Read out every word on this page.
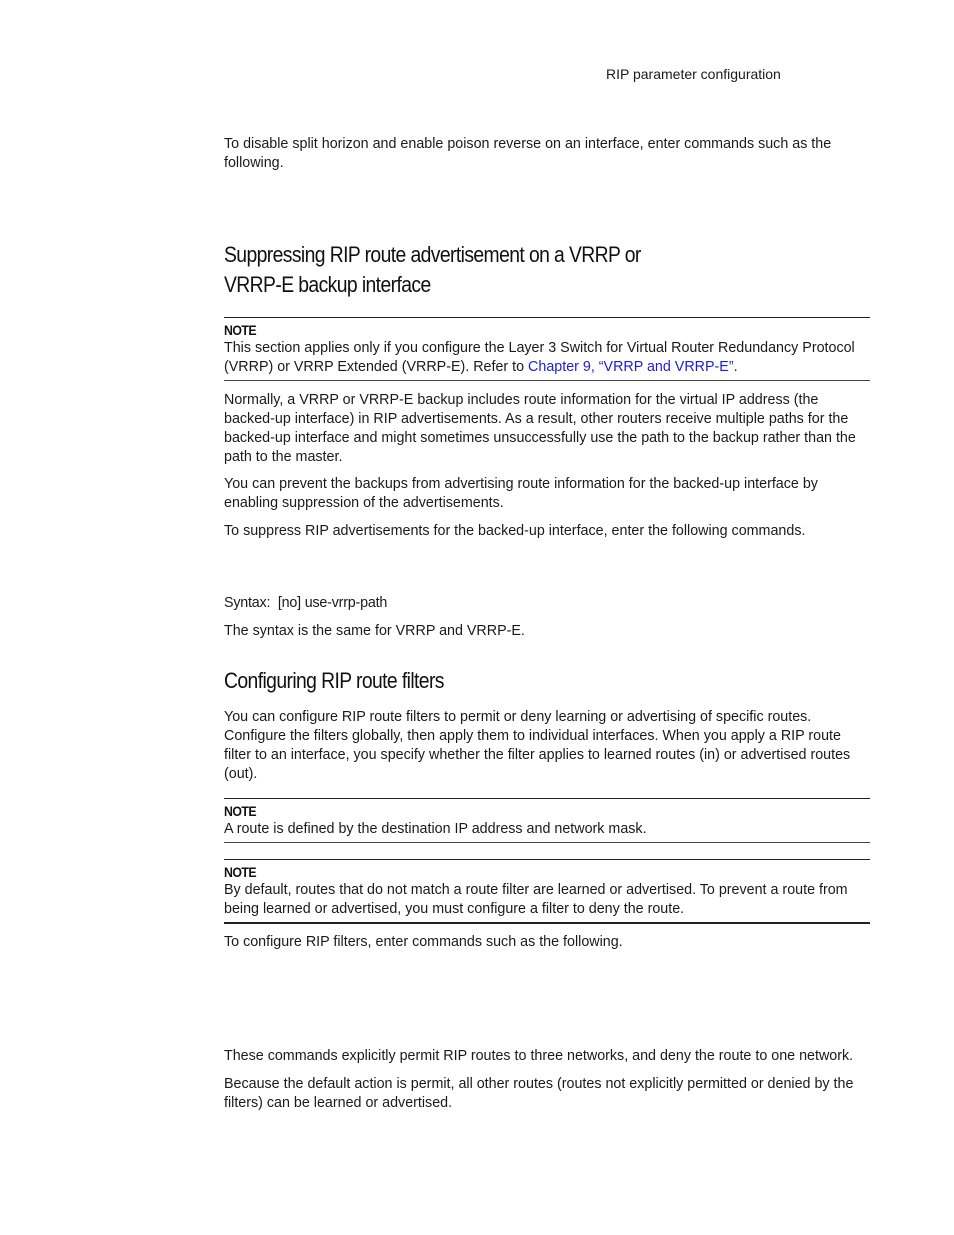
RIP parameter configuration

To disable split horizon and enable poison reverse on an interface, enter commands such as the following.

Suppressing RIP route advertisement on a VRRP or
VRRP-E backup interface
NOTE
This section applies only if you configure the Layer 3 Switch for Virtual Router Redundancy Protocol (VRRP) or VRRP Extended (VRRP-E). Refer to Chapter 9, “VRRP and VRRP-E”.

Normally, a VRRP or VRRP-E backup includes route information for the virtual IP address (the backed-up interface) in RIP advertisements. As a result, other routers receive multiple paths for the backed-up interface and might sometimes unsuccessfully use the path to the backup rather than the path to the master.

You can prevent the backups from advertising route information for the backed-up interface by enabling suppression of the advertisements.

To suppress RIP advertisements for the backed-up interface, enter the following commands.

Syntax: [no] use-vrrp-path

The syntax is the same for VRRP and VRRP-E.

Configuring RIP route filters

You can configure RIP route filters to permit or deny learning or advertising of specific routes. Configure the filters globally, then apply them to individual interfaces. When you apply a RIP route filter to an interface, you specify whether the filter applies to learned routes (in) or advertised routes (out).

NOTE
A route is defined by the destination IP address and network mask.
NOTE
By default, routes that do not match a route filter are learned or advertised. To prevent a route from being learned or advertised, you must configure a filter to deny the route.

To configure RIP filters, enter commands such as the following.

These commands explicitly permit RIP routes to three networks, and deny the route to one network.

Because the default action is permit, all other routes (routes not explicitly permitted or denied by the filters) can be learned or advertised.
